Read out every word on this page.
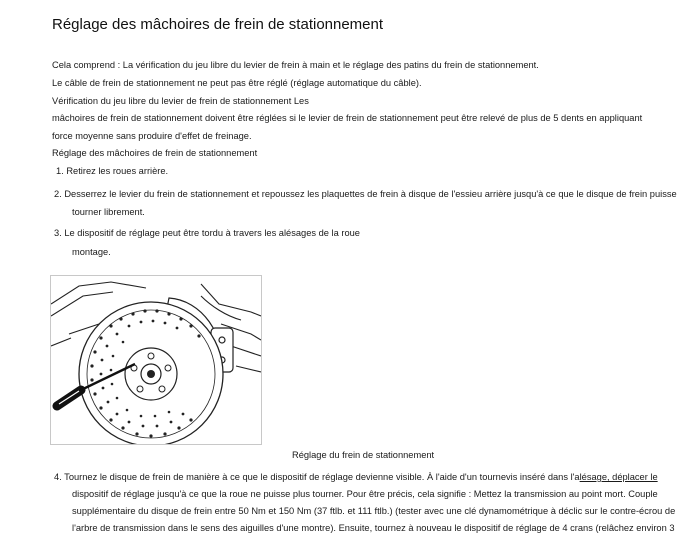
Réglage des mâchoires de frein de stationnement
Cela comprend : La vérification du jeu libre du levier de frein à main et le réglage des patins du frein de stationnement.
Le câble de frein de stationnement ne peut pas être réglé (réglage automatique du câble).
Vérification du jeu libre du levier de frein de stationnement Les
mâchoires de frein de stationnement doivent être réglées si le levier de frein de stationnement peut être relevé de plus de 5 dents en appliquant
force moyenne sans produire d'effet de freinage.
Réglage des mâchoires de frein de stationnement
1. Retirez les roues arrière.
2. Desserrez le levier du frein de stationnement et repoussez les plaquettes de frein à disque de l'essieu arrière jusqu'à ce que le disque de frein puisse
tourner librement.
3. Le dispositif de réglage peut être tordu à travers les alésages de la roue
montage.
Réglage du frein de stationnement
4. Tournez le disque de frein de manière à ce que le dispositif de réglage devienne visible. À l'aide d'un tournevis inséré dans l'alésage, déplacer le
dispositif de réglage jusqu'à ce que la roue ne puisse plus tourner. Pour être précis, cela signifie : Mettez la transmission au point mort. Couple
supplémentaire du disque de frein entre 50 Nm et 150 Nm (37 ftlb. et 111 ftlb.) (tester avec une clé dynamométrique à déclic sur le contre-écrou de
l'arbre de transmission dans le sens des aiguilles d'une montre). Ensuite, tournez à nouveau le dispositif de réglage de 4 crans (relâchez environ 3
